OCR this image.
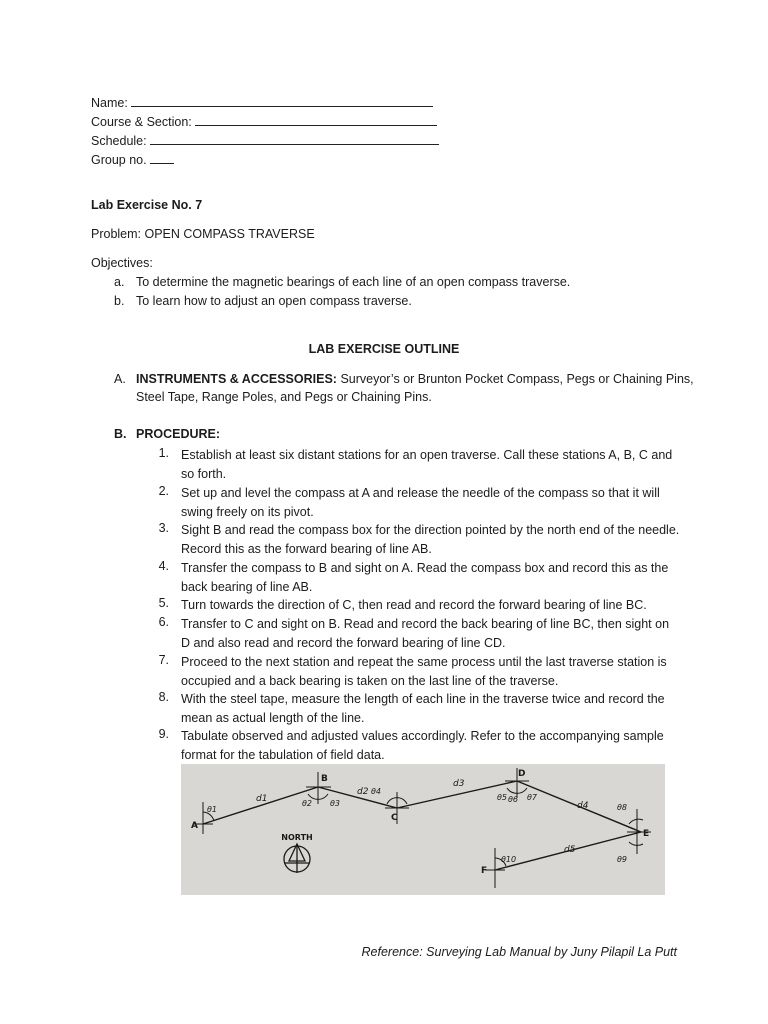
Name:
Course & Section:
Schedule:
Group no.
Lab Exercise No. 7
Problem: OPEN COMPASS TRAVERSE
Objectives:
a. To determine the magnetic bearings of each line of an open compass traverse.
b. To learn how to adjust an open compass traverse.
LAB EXERCISE OUTLINE
A. INSTRUMENTS & ACCESSORIES: Surveyor’s or Brunton Pocket Compass, Pegs or Chaining Pins,
Steel Tape, Range Poles, and Pegs or Chaining Pins.
B. PROCEDURE:
1. Establish at least six distant stations for an open traverse. Call these stations A, B, C and so forth.
2. Set up and level the compass at A and release the needle of the compass so that it will swing freely on its pivot.
3. Sight B and read the compass box for the direction pointed by the north end of the needle. Record this as the forward bearing of line AB.
4. Transfer the compass to B and sight on A. Read the compass box and record this as the back bearing of line AB.
5. Turn towards the direction of C, then read and record the forward bearing of line BC.
6. Transfer to C and sight on B. Read and record the back bearing of line BC, then sight on D and also read and record the forward bearing of line CD.
7. Proceed to the next station and repeat the same process until the last traverse station is occupied and a back bearing is taken on the last line of the traverse.
8. With the steel tape, measure the length of each line in the traverse twice and record the mean as actual length of the line.
9. Tabulate observed and adjusted values accordingly. Refer to the accompanying sample format for the tabulation of field data.
NORTH
A
B
C
D
E
F
d1
d2
d3
d4
d5
θ1
θ2 θ3
θ4
θ5 θ6 θ7
θ8
θ9
θ10
Reference: Surveying Lab Manual by Juny Pilapil La Putt
